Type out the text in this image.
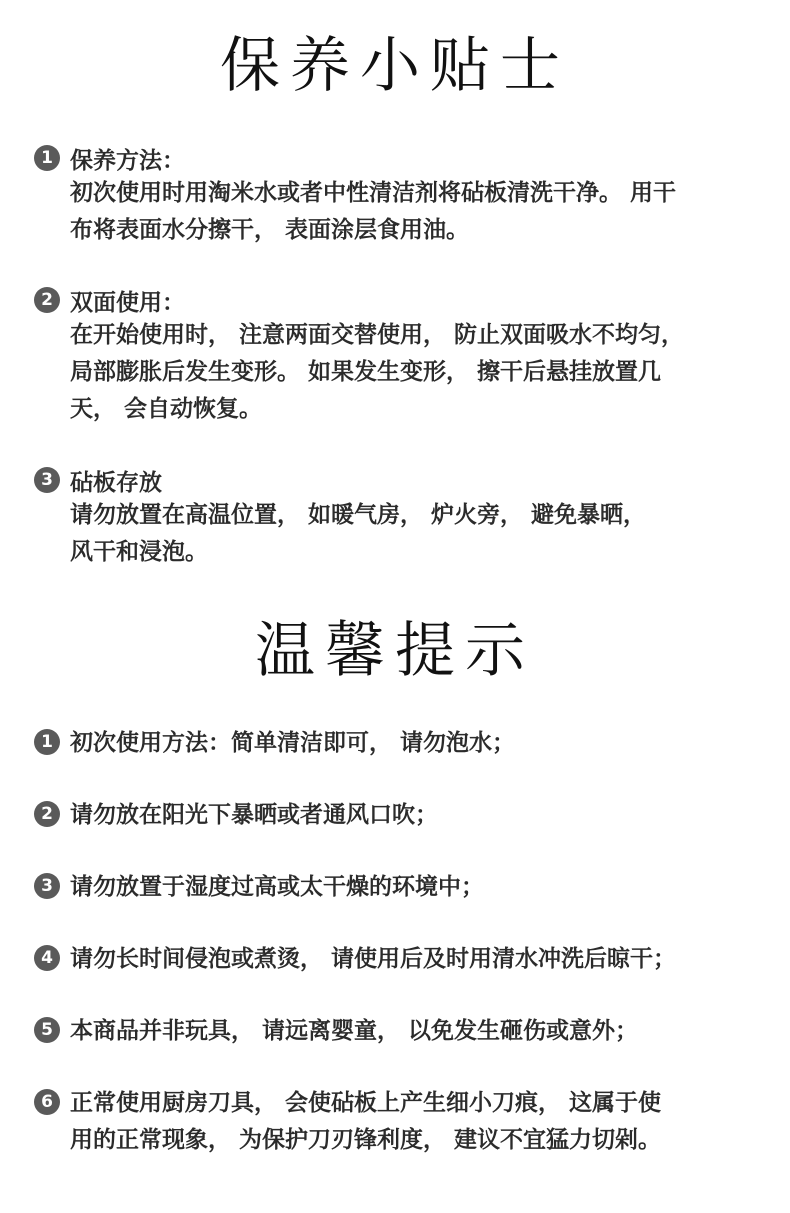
保养小贴士
1 保养方法：
初次使用时用淘米水或者中性清洁剂将砧板清洗干净。 用干
布将表面水分擦干， 表面涂层食用油。
2 双面使用：
在开始使用时， 注意两面交替使用， 防止双面吸水不均匀，
局部膨胀后发生变形。 如果发生变形， 擦干后悬挂放置几
天， 会自动恢复。
3 砧板存放
请勿放置在高温位置， 如暖气房， 炉火旁， 避免暴晒，
风干和浸泡。
温馨提示
1 初次使用方法：简单清洁即可， 请勿泡水；
2 请勿放在阳光下暴晒或者通风口吹；
3 请勿放置于湿度过高或太干燥的环境中；
4 请勿长时间侵泡或煮烫， 请使用后及时用清水冲洗后晾干；
5 本商品并非玩具， 请远离婴童， 以免发生砸伤或意外；
6 正常使用厨房刀具， 会使砧板上产生细小刀痕， 这属于使
用的正常现象， 为保护刀刃锋利度， 建议不宜猛力切剁。
